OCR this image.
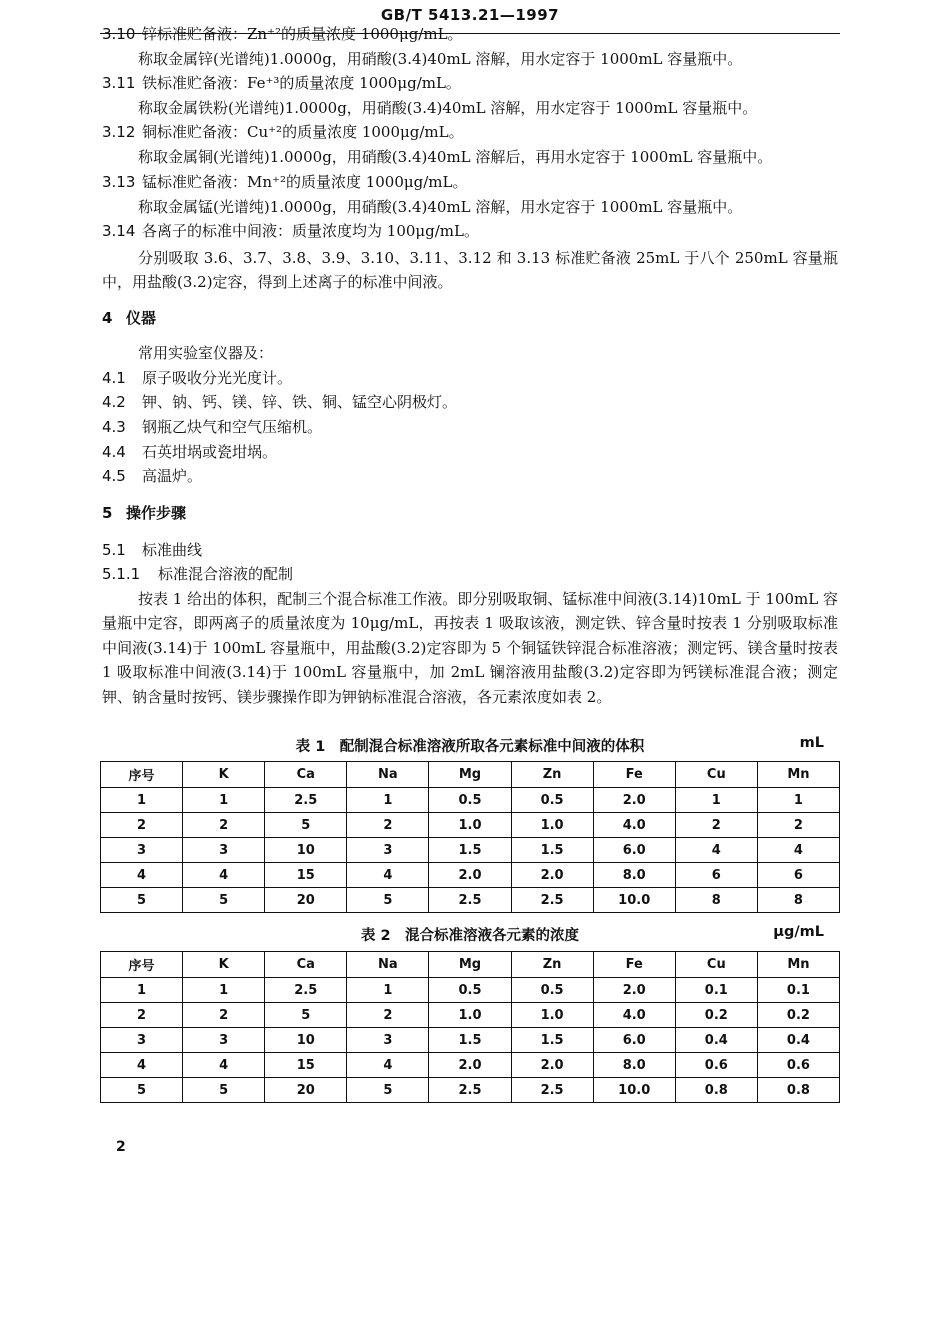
GB/T 5413.21—1997
3.10 锌标准贮备液：Zn⁺²的质量浓度 1000μg/mL。
称取金属锌(光谱纯)1.0000g，用硝酸(3.4)40mL 溶解，用水定容于 1000mL 容量瓶中。
3.11 铁标准贮备液：Fe⁺³的质量浓度 1000μg/mL。
称取金属铁粉(光谱纯)1.0000g，用硝酸(3.4)40mL 溶解，用水定容于 1000mL 容量瓶中。
3.12 铜标准贮备液：Cu⁺²的质量浓度 1000μg/mL。
称取金属铜(光谱纯)1.0000g，用硝酸(3.4)40mL 溶解后，再用水定容于 1000mL 容量瓶中。
3.13 锰标准贮备液：Mn⁺²的质量浓度 1000μg/mL。
称取金属锰(光谱纯)1.0000g，用硝酸(3.4)40mL 溶解，用水定容于 1000mL 容量瓶中。
3.14 各离子的标准中间液：质量浓度均为 100μg/mL。
分别吸取 3.6、3.7、3.8、3.9、3.10、3.11、3.12 和 3.13 标准贮备液 25mL 于八个 250mL 容量瓶中，用盐酸(3.2)定容，得到上述离子的标准中间液。
4 仪器
常用实验室仪器及：
4.1 原子吸收分光光度计。
4.2 钾、钠、钙、镁、锌、铁、铜、锰空心阴极灯。
4.3 钢瓶乙炔气和空气压缩机。
4.4 石英坩埚或瓷坩埚。
4.5 高温炉。
5 操作步骤
5.1 标准曲线
5.1.1 标准混合溶液的配制
按表 1 给出的体积，配制三个混合标准工作液。即分别吸取铜、锰标准中间液(3.14)10mL 于 100mL 容量瓶中定容，即两离子的质量浓度为 10μg/mL，再按表 1 吸取该液，测定铁、锌含量时按表 1 分别吸取标准中间液(3.14)于 100mL 容量瓶中，用盐酸(3.2)定容即为 5 个铜锰铁锌混合标准溶液；测定钙、镁含量时按表 1 吸取标准中间液(3.14)于 100mL 容量瓶中，加 2mL 镧溶液用盐酸(3.2)定容即为钙镁标准混合液；测定钾、钠含量时按钙、镁步骤操作即为钾钠标准混合溶液，各元素浓度如表 2。
表 1　配制混合标准溶液所取各元素标准中间液的体积	mL
序号	K	Ca	Na	Mg	Zn	Fe	Cu	Mn
1	1	2.5	1	0.5	0.5	2.0	1	1
2	2	5	2	1.0	1.0	4.0	2	2
3	3	10	3	1.5	1.5	6.0	4	4
4	4	15	4	2.0	2.0	8.0	6	6
5	5	20	5	2.5	2.5	10.0	8	8
表 2　混合标准溶液各元素的浓度	μg/mL
序号	K	Ca	Na	Mg	Zn	Fe	Cu	Mn
1	1	2.5	1	0.5	0.5	2.0	0.1	0.1
2	2	5	2	1.0	1.0	4.0	0.2	0.2
3	3	10	3	1.5	1.5	6.0	0.4	0.4
4	4	15	4	2.0	2.0	8.0	0.6	0.6
5	5	20	5	2.5	2.5	10.0	0.8	0.8
2
